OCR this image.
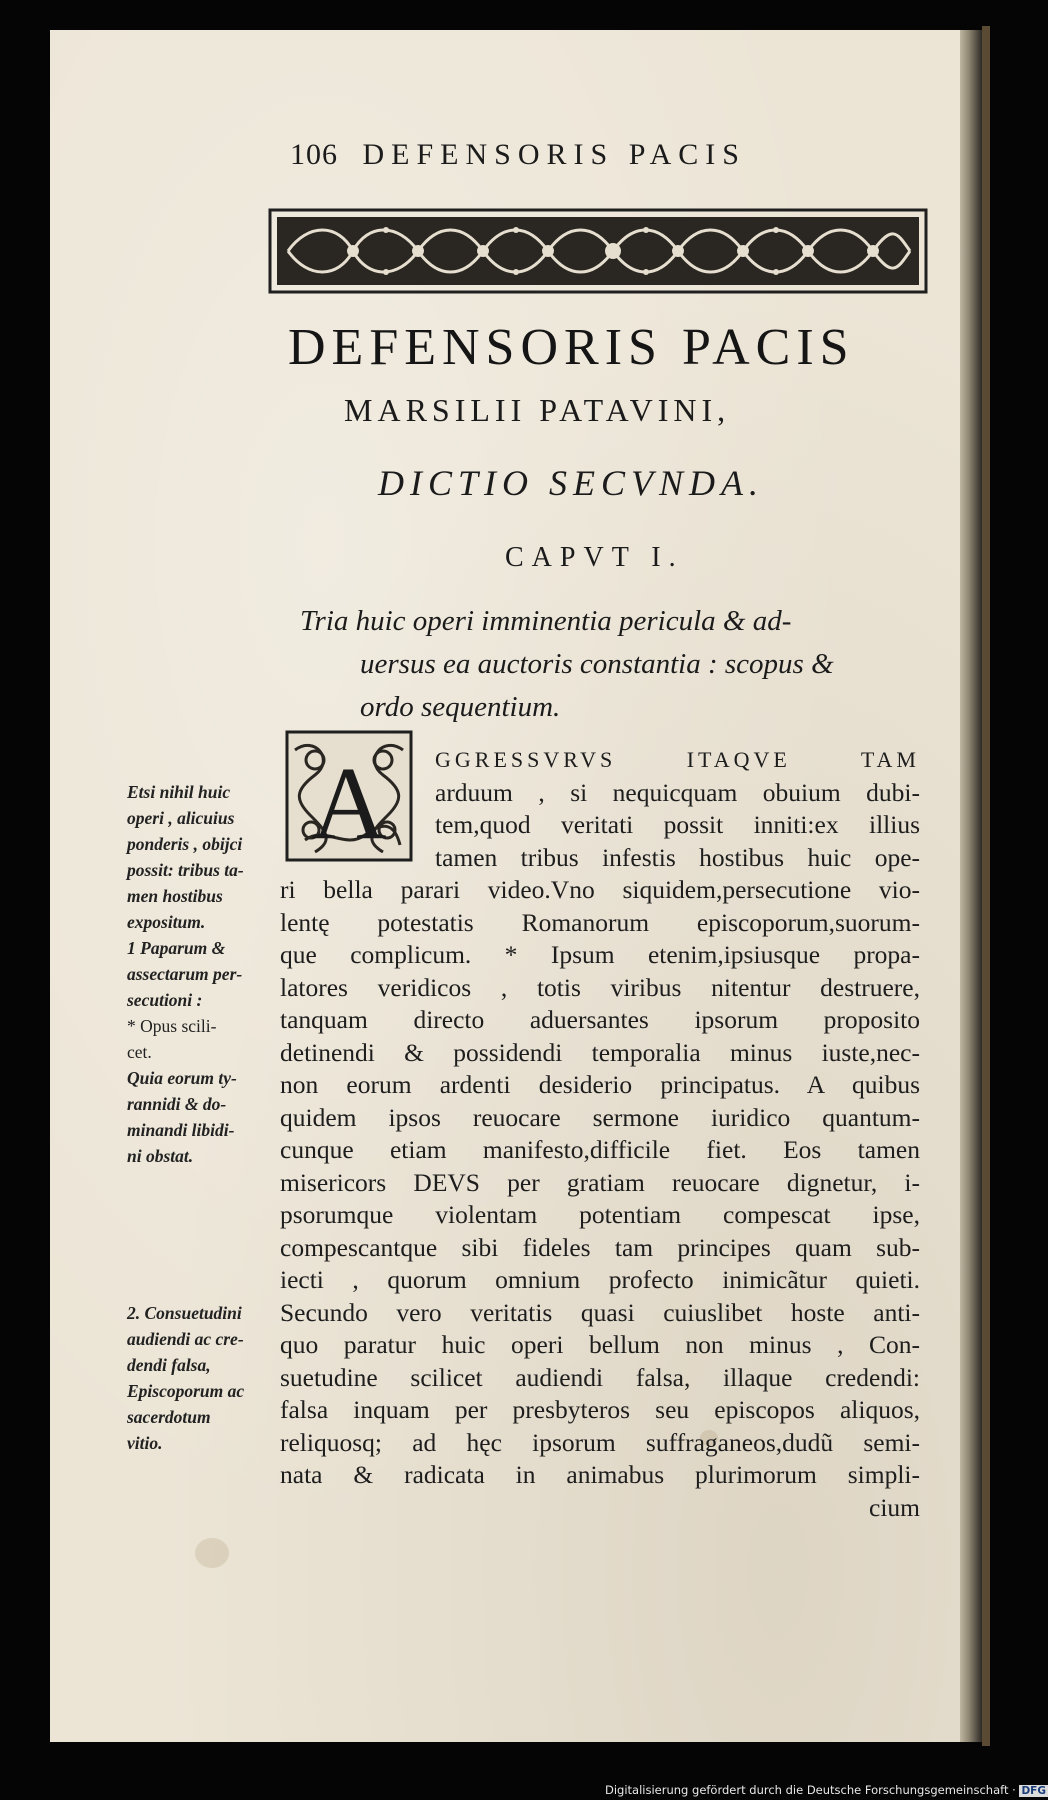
106 DEFENSORIS PACIS
DEFENSORIS PACIS
MARSILII PATAVINI,
DICTIO SECVNDA.
CAPVT I.
Tria huic operi imminentia pericula & ad-
uersus ea auctoris constantia : scopus &
ordo sequentium.
A GGRESSVRVS ITAQVE TAM
arduum , si nequicquam obuium dubi-
tem,quod veritati possit inniti:ex illius
tamen tribus infestis hostibus huic ope-
ri bella parari video.Vno siquidem,persecutione vio-
lentę potestatis Romanorum episcoporum,suorum-
que complicum. * Ipsum etenim,ipsiusque propa-
latores veridicos , totis viribus nitentur destruere,
tanquam directo aduersantes ipsorum proposito
detinendi & possidendi temporalia minus iuste,nec-
non eorum ardenti desiderio principatus. A quibus
quidem ipsos reuocare sermone iuridico quantum-
cunque etiam manifesto,difficile fiet. Eos tamen
misericors DEVS per gratiam reuocare dignetur, i-
psorumque violentam potentiam compescat ipse,
compescantque sibi fideles tam principes quam sub-
iecti , quorum omnium profecto inimicãtur quieti.
Secundo vero veritatis quasi cuiuslibet hoste anti-
quo paratur huic operi bellum non minus , Con-
suetudine scilicet audiendi falsa, illaque credendi:
falsa inquam per presbyteros seu episcopos aliquos,
reliquosq; ad hęc ipsorum suffraganeos,dudũ semi-
nata & radicata in animabus plurimorum simpli-
cium
Etsi nihil huic
operi , alicuius
ponderis , obijci
possit: tribus ta-
men hostibus
expositum.
1 Paparum &
assectarum per-
secutioni :
* Opus scili-
cet.
Quia eorum ty-
rannidi & do-
minandi libidi-
ni obstat.
2. Consuetudini
audiendi ac cre-
dendi falsa,
Episcoporum ac
sacerdotum
vitio.
Digitalisierung gefördert durch die Deutsche Forschungsgemeinschaft · DFG
